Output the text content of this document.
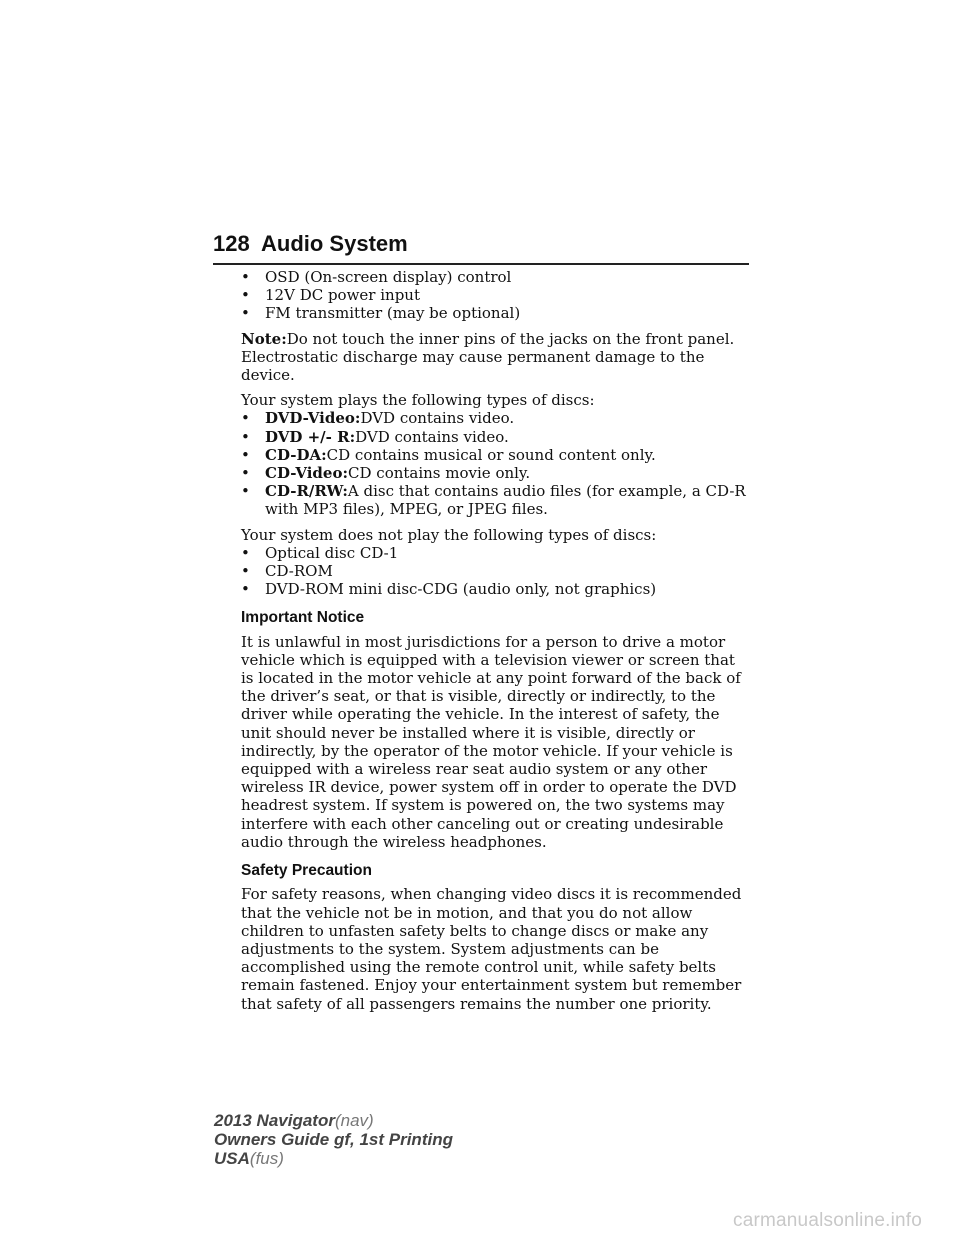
128 Audio System
• OSD (On-screen display) control
• 12V DC power input
• FM transmitter (may be optional)

Note:Do not touch the inner pins of the jacks on the front panel. Electrostatic discharge may cause permanent damage to the device.

Your system plays the following types of discs:

• DVD-Video:DVD contains video.
• DVD +/- R:DVD contains video.
• CD-DA:CD contains musical or sound content only.
• CD-Video:CD contains movie only.
• CD-R/RW:A disc that contains audio files (for example, a CD-R with MP3 files), MPEG, or JPEG files.

Your system does not play the following types of discs:

• Optical disc CD-1
• CD-ROM
• DVD-ROM mini disc-CDG (audio only, not graphics)
Important Notice

It is unlawful in most jurisdictions for a person to drive a motor vehicle which is equipped with a television viewer or screen that is located in the motor vehicle at any point forward of the back of the driver’s seat, or that is visible, directly or indirectly, to the driver while operating the vehicle. In the interest of safety, the unit should never be installed where it is visible, directly or indirectly, by the operator of the motor vehicle. If your vehicle is equipped with a wireless rear seat audio system or any other wireless IR device, power system off in order to operate the DVD headrest system. If system is powered on, the two systems may interfere with each other canceling out or creating undesirable audio through the wireless headphones.

Safety Precaution

For safety reasons, when changing video discs it is recommended that the vehicle not be in motion, and that you do not allow children to unfasten safety belts to change discs or make any adjustments to the system. System adjustments can be accomplished using the remote control unit, while safety belts remain fastened. Enjoy your entertainment system but remember that safety of all passengers remains the number one priority.

2013 Navigator(nav)
Owners Guide gf, 1st Printing
USA(fus)
carmanualsonline.info
